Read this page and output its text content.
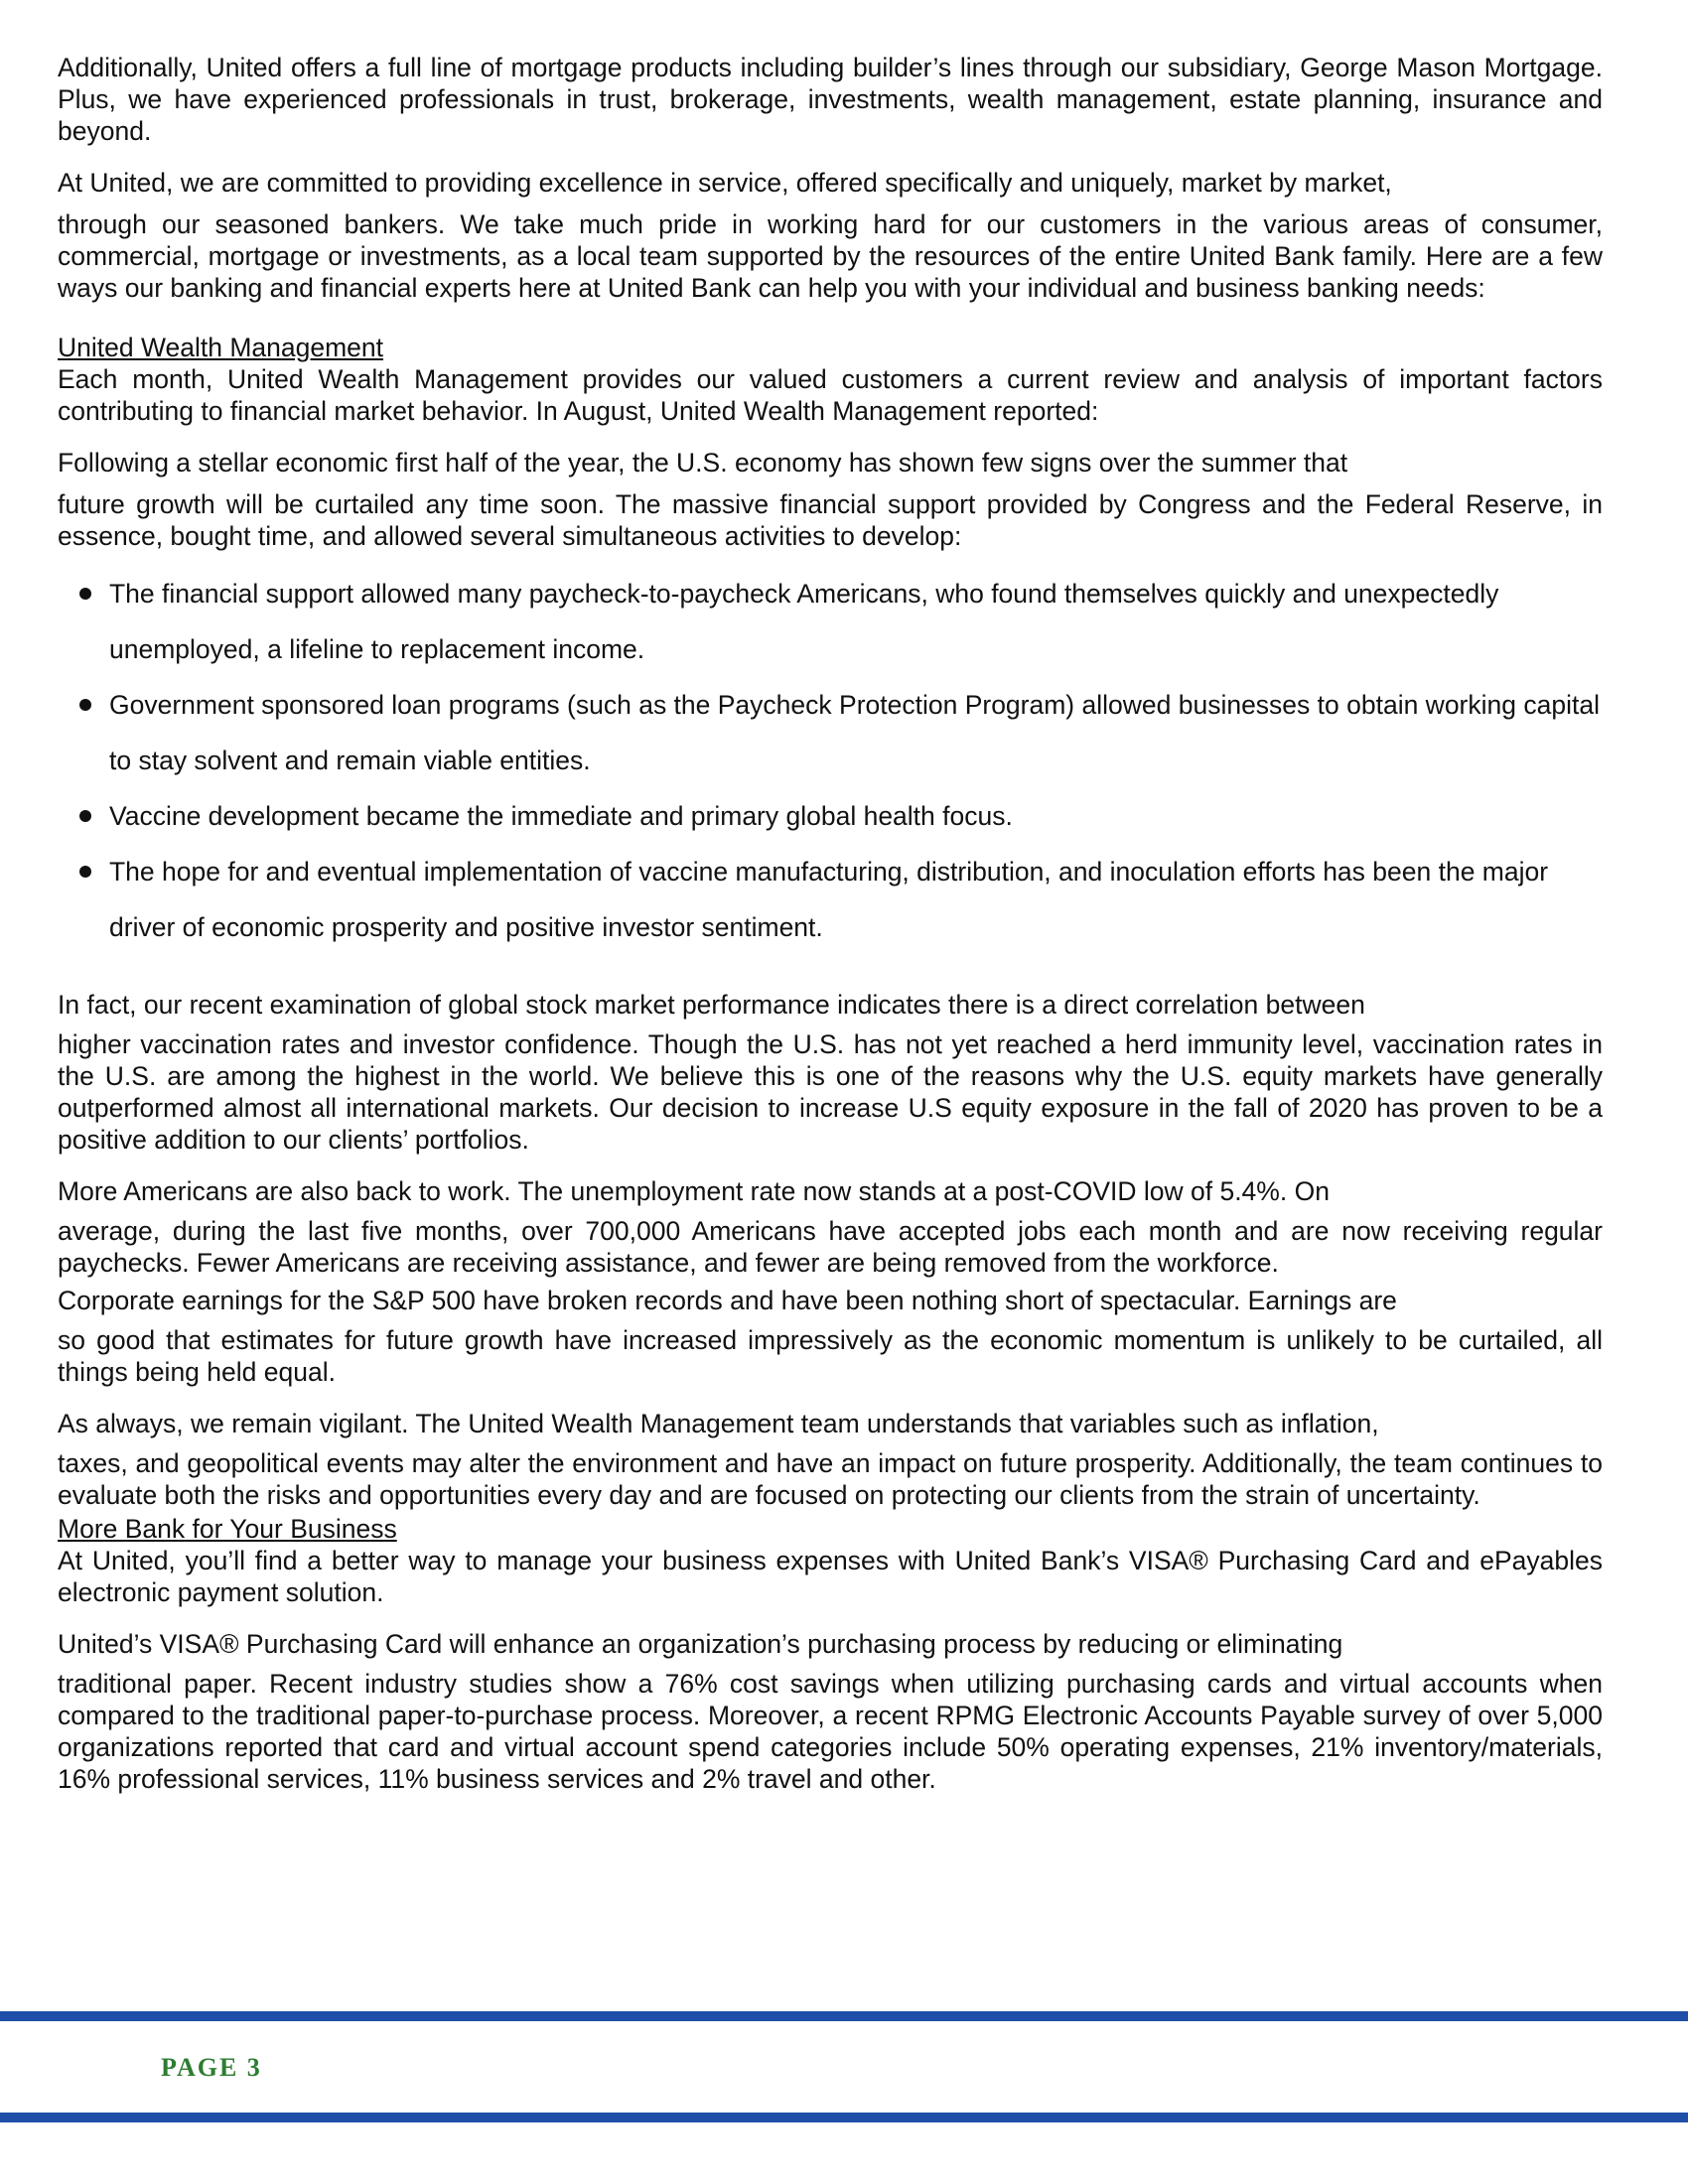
Additionally, United offers a full line of mortgage products including builder’s lines through our subsidiary, George Mason Mortgage. Plus, we have experienced professionals in trust, brokerage, investments, wealth management, estate planning, insurance and beyond.

At United, we are committed to providing excellence in service, offered specifically and uniquely, market by market,

through our seasoned bankers. We take much pride in working hard for our customers in the various areas of consumer, commercial, mortgage or investments, as a local team supported by the resources of the entire United Bank family. Here are a few ways our banking and financial experts here at United Bank can help you with your individual and business banking needs:

United Wealth Management

Each month, United Wealth Management provides our valued customers a current review and analysis of important factors contributing to financial market behavior. In August, United Wealth Management reported:

Following a stellar economic first half of the year, the U.S. economy has shown few signs over the summer that

future growth will be curtailed any time soon. The massive financial support provided by Congress and the Federal Reserve, in essence, bought time, and allowed several simultaneous activities to develop:

The financial support allowed many paycheck-to-paycheck Americans, who found themselves quickly and unexpectedly unemployed, a lifeline to replacement income.
Government sponsored loan programs (such as the Paycheck Protection Program) allowed businesses to obtain working capital to stay solvent and remain viable entities.
Vaccine development became the immediate and primary global health focus.
The hope for and eventual implementation of vaccine manufacturing, distribution, and inoculation efforts has been the major driver of economic prosperity and positive investor sentiment.

In fact, our recent examination of global stock market performance indicates there is a direct correlation between

higher vaccination rates and investor confidence. Though the U.S. has not yet reached a herd immunity level, vaccination rates in the U.S. are among the highest in the world. We believe this is one of the reasons why the U.S. equity markets have generally outperformed almost all international markets. Our decision to increase U.S equity exposure in the fall of 2020 has proven to be a positive addition to our clients’ portfolios.

More Americans are also back to work. The unemployment rate now stands at a post-COVID low of 5.4%. On

average, during the last five months, over 700,000 Americans have accepted jobs each month and are now receiving regular paychecks. Fewer Americans are receiving assistance, and fewer are being removed from the workforce.

Corporate earnings for the S&P 500 have broken records and have been nothing short of spectacular. Earnings are

so good that estimates for future growth have increased impressively as the economic momentum is unlikely to be curtailed, all things being held equal.

As always, we remain vigilant. The United Wealth Management team understands that variables such as inflation,

taxes, and geopolitical events may alter the environment and have an impact on future prosperity. Additionally, the team continues to evaluate both the risks and opportunities every day and are focused on protecting our clients from the strain of uncertainty.

More Bank for Your Business

At United, you’ll find a better way to manage your business expenses with United Bank’s VISA® Purchasing Card and ePayables electronic payment solution.

United’s VISA® Purchasing Card will enhance an organization’s purchasing process by reducing or eliminating

traditional paper. Recent industry studies show a 76% cost savings when utilizing purchasing cards and virtual accounts when compared to the traditional paper-to-purchase process. Moreover, a recent RPMG Electronic Accounts Payable survey of over 5,000 organizations reported that card and virtual account spend categories include 50% operating expenses, 21% inventory/materials, 16% professional services, 11% business services and 2% travel and other.

PAGE 3
